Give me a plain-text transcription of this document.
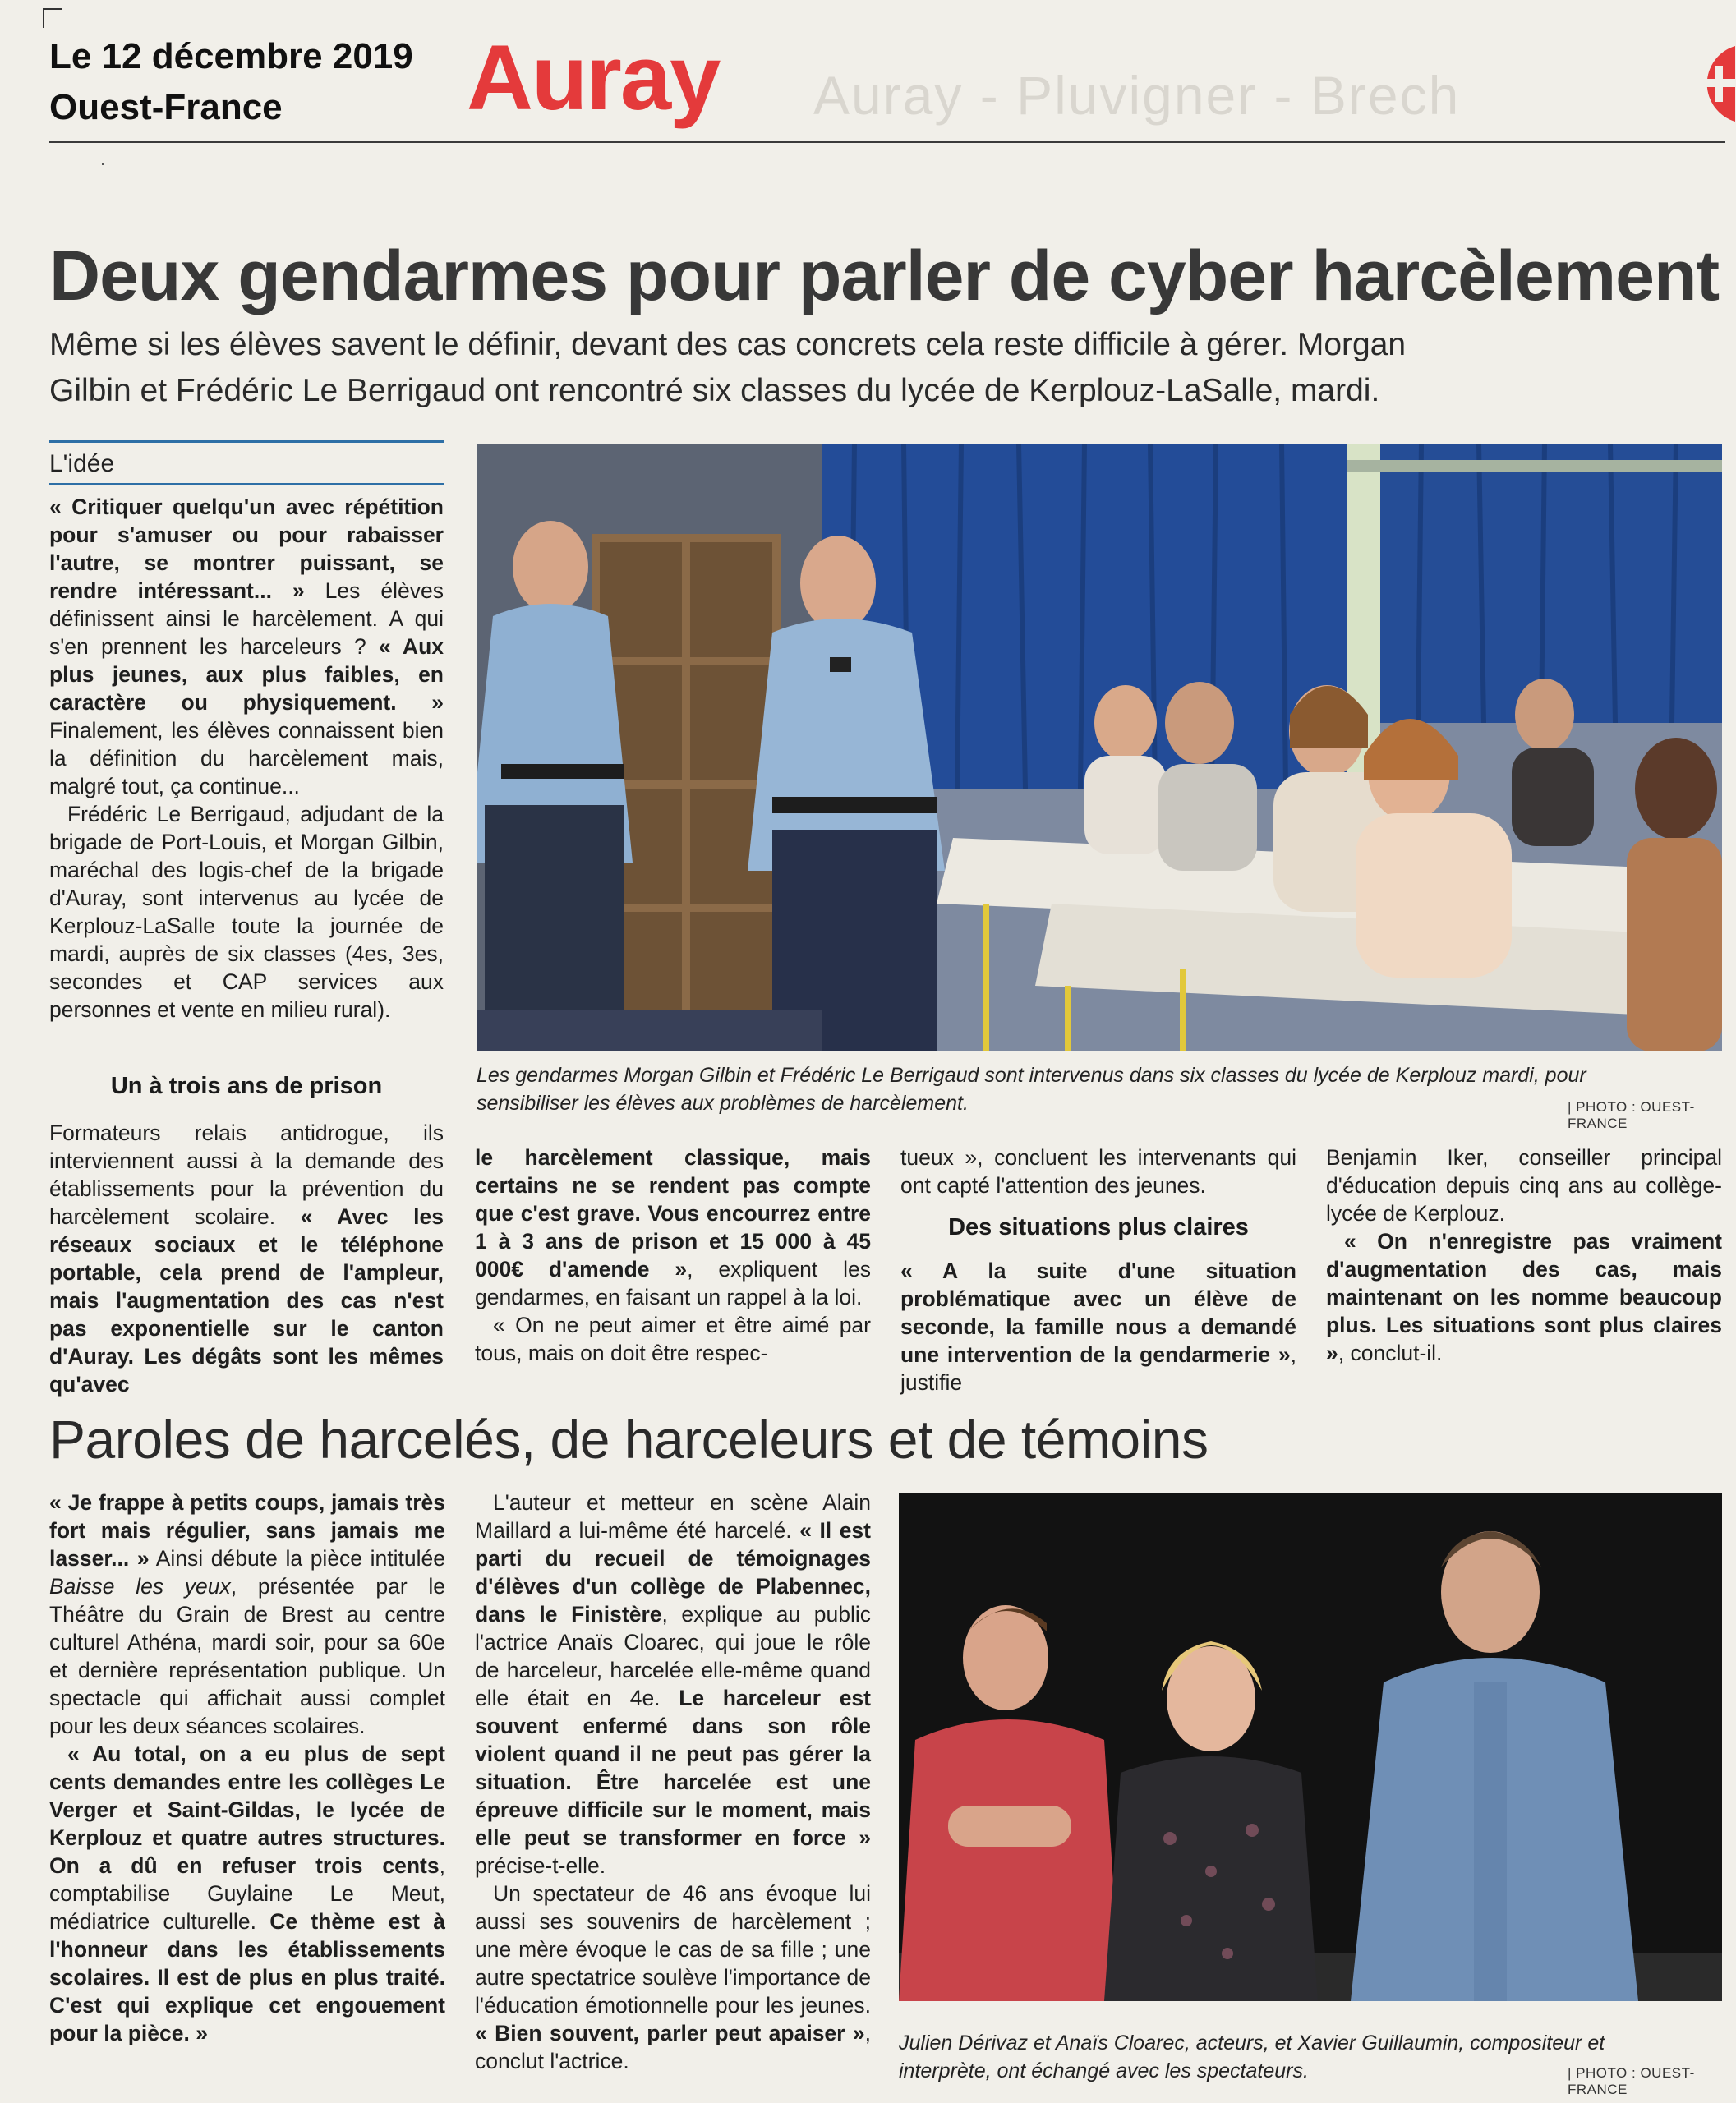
Le 12 décembre 2019
Ouest-France	Auray - Pluvigner - Brech
Auray
Deux gendarmes pour parler de cyber harcèlement
Même si les élèves savent le définir, devant des cas concrets cela reste difficile à gérer. Morgan Gilbin et Frédéric Le Berrigaud ont rencontré six classes du lycée de Kerplouz-LaSalle, mardi.
L'idée

« Critiquer quelqu'un avec répétition pour s'amuser ou pour rabaisser l'autre, se montrer puissant, se rendre intéressant... » Les élèves définissent ainsi le harcèlement. A qui s'en prennent les harceleurs ? « Aux plus jeunes, aux plus faibles, en caractère ou physiquement. » Finalement, les élèves connaissent bien la définition du harcèlement mais, malgré tout, ça continue...

Frédéric Le Berrigaud, adjudant de la brigade de Port-Louis, et Morgan Gilbin, maréchal des logis-chef de la brigade d'Auray, sont intervenus au lycée de Kerplouz-LaSalle toute la journée de mardi, auprès de six classes (4es, 3es, secondes et CAP services aux personnes et vente en milieu rural).

Un à trois ans de prison

Formateurs relais antidrogue, ils interviennent aussi à la demande des établissements pour la prévention du harcèlement scolaire. « Avec les réseaux sociaux et le téléphone portable, cela prend de l'ampleur, mais l'augmentation des cas n'est pas exponentielle sur le canton d'Auray. Les dégâts sont les mêmes qu'avec

Les gendarmes Morgan Gilbin et Frédéric Le Berrigaud sont intervenus dans six classes du lycée de Kerplouz mardi, pour sensibiliser les élèves aux problèmes de harcèlement.	| PHOTO : OUEST-FRANCE

le harcèlement classique, mais certains ne se rendent pas compte que c'est grave. Vous encourrez entre 1 à 3 ans de prison et 15 000 à 45 000€ d'amende », expliquent les gendarmes, en faisant un rappel à la loi.

« On ne peut aimer et être aimé par tous, mais on doit être respec-

tueux », concluent les intervenants qui ont capté l'attention des jeunes.

Des situations plus claires

« A la suite d'une situation problématique avec un élève de seconde, la famille nous a demandé une intervention de la gendarmerie », justifie

Benjamin Iker, conseiller principal d'éducation depuis cinq ans au collège-lycée de Kerplouz.

« On n'enregistre pas vraiment d'augmentation des cas, mais maintenant on les nomme beaucoup plus. Les situations sont plus claires », conclut-il.

Paroles de harcelés, de harceleurs et de témoins

« Je frappe à petits coups, jamais très fort mais régulier, sans jamais me lasser... » Ainsi débute la pièce intitulée Baisse les yeux, présentée par le Théâtre du Grain de Brest au centre culturel Athéna, mardi soir, pour sa 60e et dernière représentation publique. Un spectacle qui affichait aussi complet pour les deux séances scolaires.

« Au total, on a eu plus de sept cents demandes entre les collèges Le Verger et Saint-Gildas, le lycée de Kerplouz et quatre autres structures. On a dû en refuser trois cents, comptabilise Guylaine Le Meut, médiatrice culturelle. Ce thème est à l'honneur dans les établissements scolaires. Il est de plus en plus traité. C'est qui explique cet engouement pour la pièce. »

L'auteur et metteur en scène Alain Maillard a lui-même été harcelé. « Il est parti du recueil de témoignages d'élèves d'un collège de Plabennec, dans le Finistère, explique au public l'actrice Anaïs Cloarec, qui joue le rôle de harceleur, harcelée elle-même quand elle était en 4e. Le harceleur est souvent enfermé dans son rôle violent quand il ne peut pas gérer la situation. Être harcelée est une épreuve difficile sur le moment, mais elle peut se transformer en force » précise-t-elle.

Un spectateur de 46 ans évoque lui aussi ses souvenirs de harcèlement ; une mère évoque le cas de sa fille ; une autre spectatrice soulève l'importance de l'éducation émotionnelle pour les jeunes. « Bien souvent, parler peut apaiser », conclut l'actrice.

Julien Dérivaz et Anaïs Cloarec, acteurs, et Xavier Guillaumin, compositeur et interprète, ont échangé avec les spectateurs.	| PHOTO : OUEST-FRANCE
